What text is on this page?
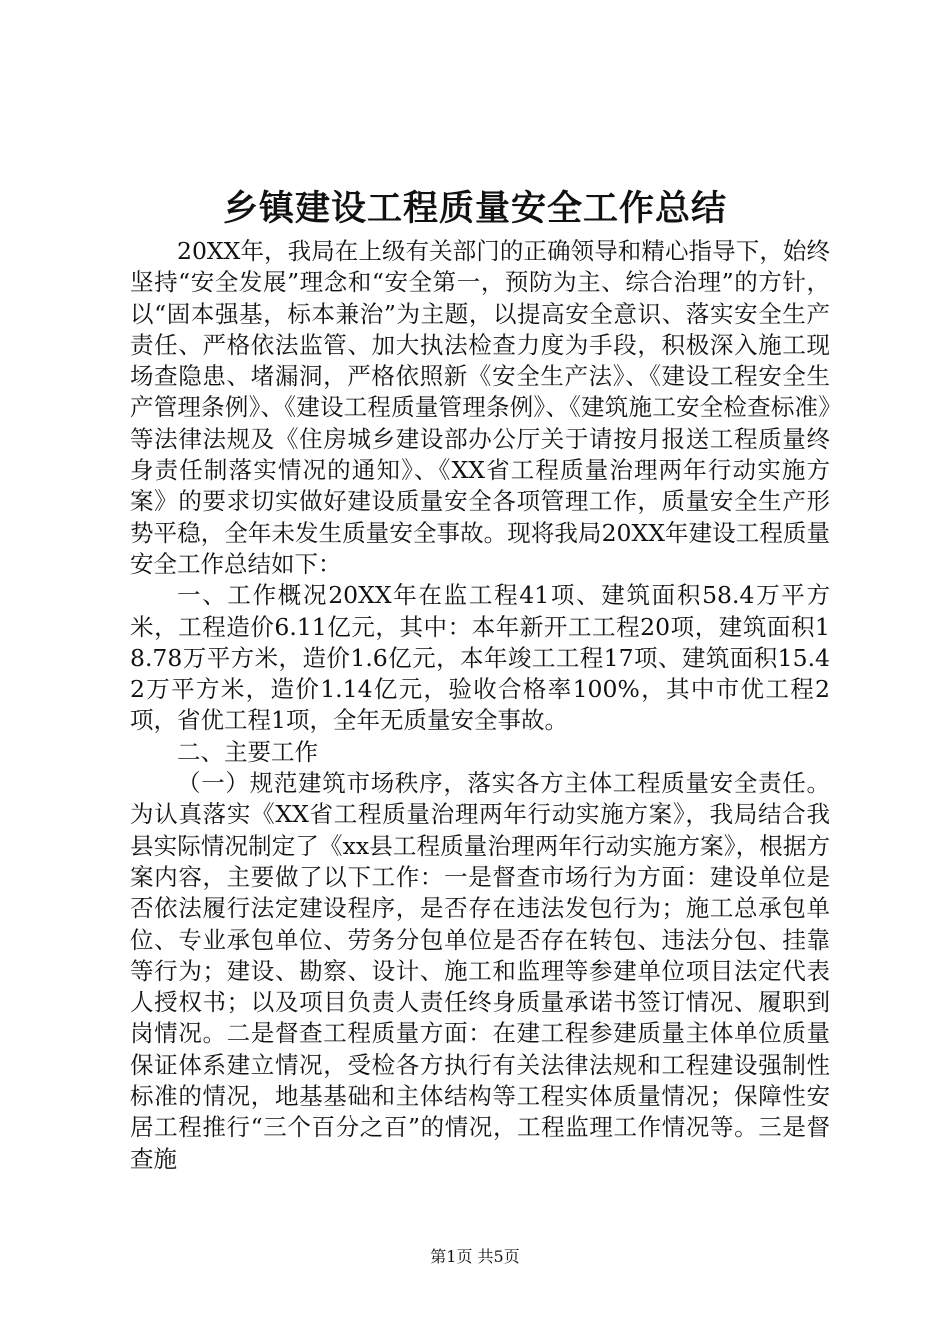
乡镇建设工程质量安全工作总结

20XX年，我局在上级有关部门的正确领导和精心指导下，始终坚持“安全发展”理念和“安全第一，预防为主、综合治理”的方针，以“固本强基，标本兼治”为主题，以提高安全意识、落实安全生产责任、严格依法监管、加大执法检查力度为手段，积极深入施工现场查隐患、堵漏洞，严格依照新《安全生产法》、《建设工程安全生产管理条例》、《建设工程质量管理条例》、《建筑施工安全检查标准》等法律法规及《住房城乡建设部办公厅关于请按月报送工程质量终身责任制落实情况的通知》、《XX省工程质量治理两年行动实施方案》的要求切实做好建设质量安全各项管理工作，质量安全生产形势平稳，全年未发生质量安全事故。现将我局20XX年建设工程质量安全工作总结如下：

一、工作概况20XX年在监工程41项、建筑面积58.4万平方米，工程造价6.11亿元，其中：本年新开工工程20项，建筑面积18.78万平方米，造价1.6亿元，本年竣工工程17项、建筑面积15.42万平方米，造价1.14亿元，验收合格率100%，其中市优工程2项，省优工程1项，全年无质量安全事故。

二、主要工作

（一）规范建筑市场秩序，落实各方主体工程质量安全责任。为认真落实《XX省工程质量治理两年行动实施方案》，我局结合我县实际情况制定了《xx县工程质量治理两年行动实施方案》，根据方案内容，主要做了以下工作：一是督查市场行为方面：建设单位是否依法履行法定建设程序，是否存在违法发包行为；施工总承包单位、专业承包单位、劳务分包单位是否存在转包、违法分包、挂靠等行为；建设、勘察、设计、施工和监理等参建单位项目法定代表人授权书；以及项目负责人责任终身质量承诺书签订情况、履职到岗情况。二是督查工程质量方面：在建工程参建质量主体单位质量保证体系建立情况，受检各方执行有关法律法规和工程建设强制性标准的情况，地基基础和主体结构等工程实体质量情况；保障性安居工程推行“三个百分之百”的情况，工程监理工作情况等。三是督查施

第1页 共5页
